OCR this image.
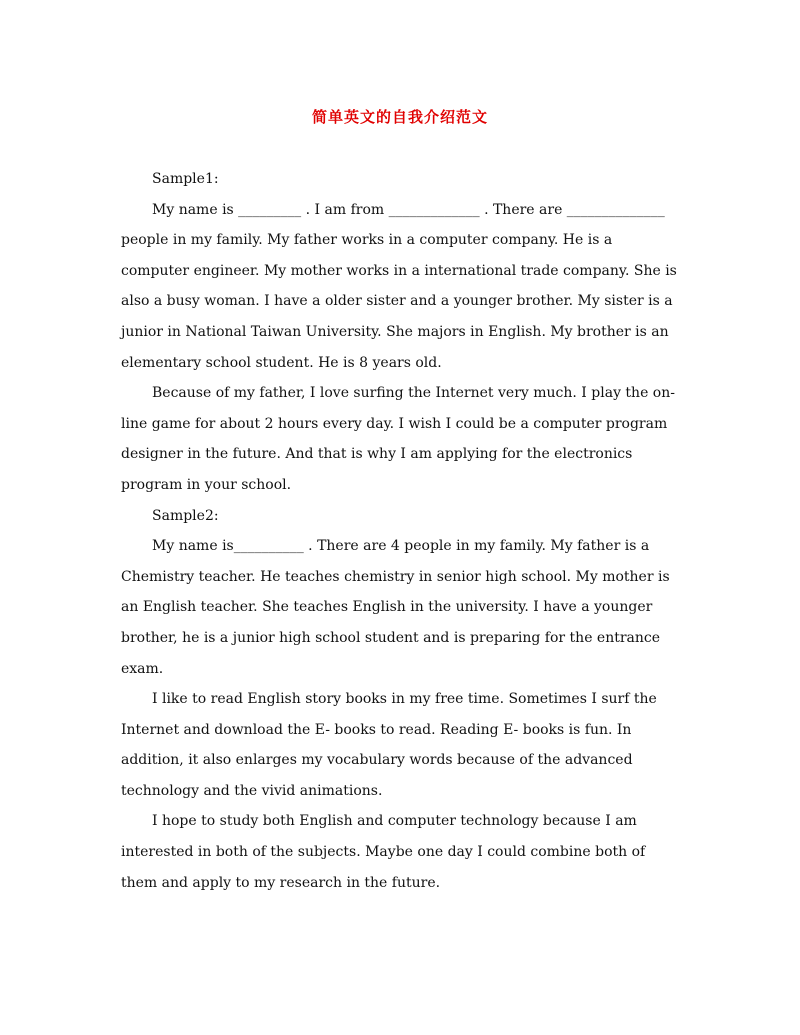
简单英文的自我介绍范文

Sample1:

My name is _________ . I am from _____________ . There are ______________ people in my family. My father works in a computer company. He is a computer engineer. My mother works in a international trade company. She is also a busy woman. I have a older sister and a younger brother. My sister is a junior in National Taiwan University. She majors in English. My brother is an elementary school student. He is 8 years old.

Because of my father, I love surfing the Internet very much. I play the on-line game for about 2 hours every day. I wish I could be a computer program designer in the future. And that is why I am applying for the electronics program in your school.

Sample2:

My name is__________ . There are 4 people in my family. My father is a Chemistry teacher. He teaches chemistry in senior high school. My mother is an English teacher. She teaches English in the university. I have a younger brother, he is a junior high school student and is preparing for the entrance exam.

I like to read English story books in my free time. Sometimes I surf the Internet and download the E- books to read. Reading E- books is fun. In addition, it also enlarges my vocabulary words because of the advanced technology and the vivid animations.

I hope to study both English and computer technology because I am interested in both of the subjects. Maybe one day I could combine both of them and apply to my research in the future.
